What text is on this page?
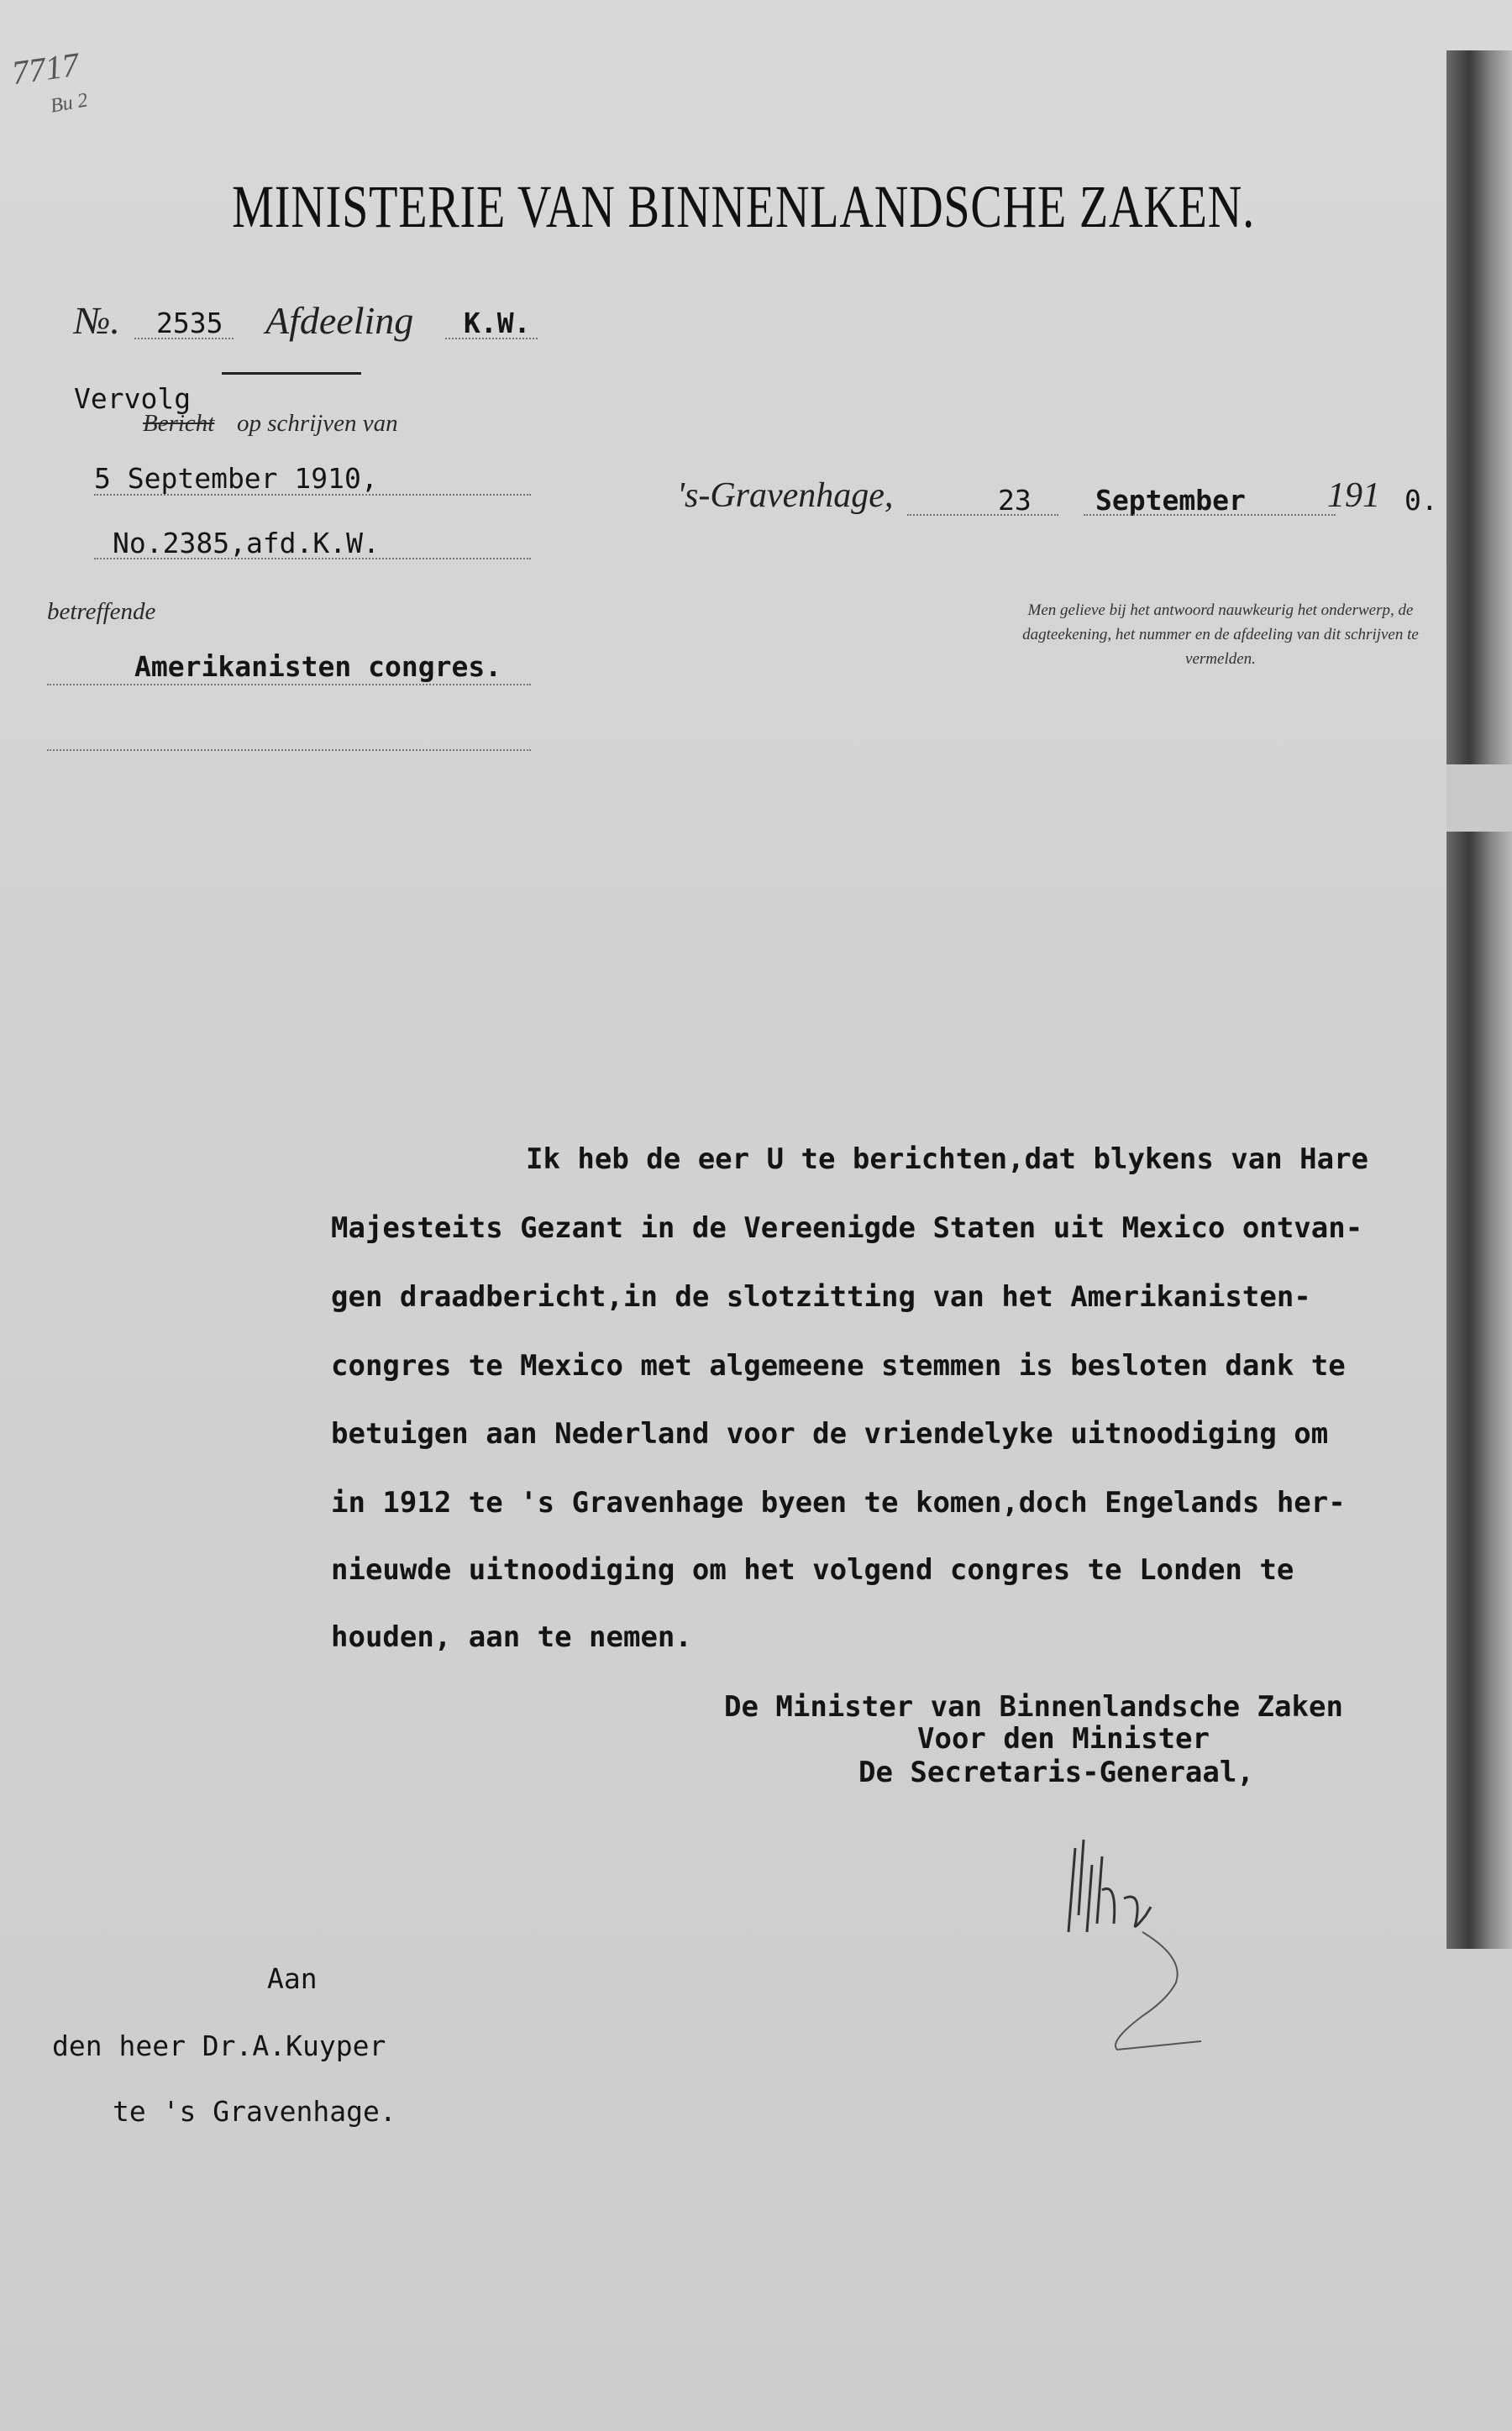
7717
Bu 2
MINISTERIE VAN BINNENLANDSCHE ZAKEN.
№. 2535 Afdeeling K.W.
Vervolg
Bericht op schrijven van
5 September 1910,
No.2385,afd.K.W.
betreffende
Amerikanisten congres.
's-Gravenhage,	23 September 191 0.
Men gelieve bij het antwoord nauwkeurig het onderwerp, de dagteekening, het nummer en de afdeeling van dit schrijven te vermelden.
Ik heb de eer U te berichten,dat blykens van Hare
Majesteits Gezant in de Vereenigde Staten uit Mexico ontvan-
gen draadbericht,in de slotzitting van het Amerikanisten-
congres te Mexico met algemeene stemmen is besloten dank te
betuigen aan Nederland voor de vriendelyke uitnoodiging om
in 1912 te 's Gravenhage byeen te komen,doch Engelands her-
nieuwde uitnoodiging om het volgend congres te Londen te
houden, aan te nemen.
De Minister van Binnenlandsche Zaken
Voor den Minister
De Secretaris-Generaal,
Aan
den heer Dr.A.Kuyper
te 's Gravenhage.
